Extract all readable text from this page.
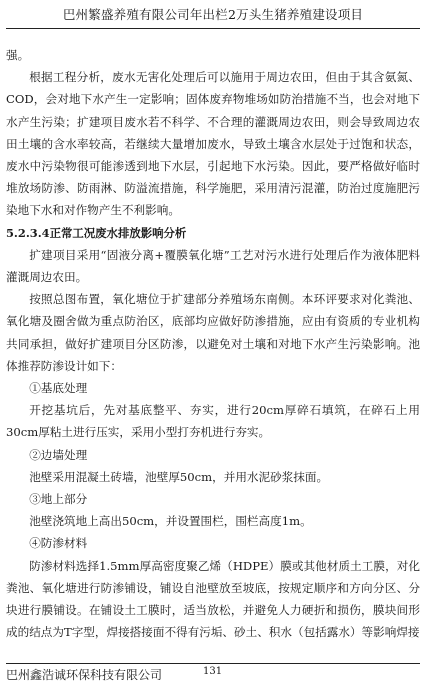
巴州繁盛养殖有限公司年出栏2万头生猪养殖建设项目

强。

根据工程分析，废水无害化处理后可以施用于周边农田，但由于其含氨氮、COD，会对地下水产生一定影响；固体废弃物堆场如防治措施不当，也会对地下水产生污染；扩建项目废水若不科学、不合理的灌溉周边农田，则会导致周边农田土壤的含水率较高，若继续大量增加废水，导致土壤含水层处于过饱和状态，废水中污染物很可能渗透到地下水层，引起地下水污染。因此，要严格做好临时堆放场防渗、防雨淋、防溢流措施，科学施肥，采用清污混灌，防治过度施肥污染地下水和对作物产生不利影响。

5.2.3.4正常工况废水排放影响分析

扩建项目采用“固液分离+覆膜氧化塘”工艺对污水进行处理后作为液体肥料灌溉周边农田。

按照总图布置，氧化塘位于扩建部分养殖场东南侧。本环评要求对化粪池、氧化塘及圈舍做为重点防治区，底部均应做好防渗措施，应由有资质的专业机构共同承担，做好扩建项目分区防渗，以避免对土壤和对地下水产生污染影响。池体推荐防渗设计如下：

①基底处理

开挖基坑后，先对基底整平、夯实，进行20cm厚碎石填筑，在碎石上用30cm厚粘土进行压实，采用小型打夯机进行夯实。

②边墙处理

池壁采用混凝土砖墙，池壁厚50cm，并用水泥砂浆抹面。

③地上部分

池壁浇筑地上高出50cm，并设置围栏，围栏高度1m。

④防渗材料

防渗材料选择1.5mm厚高密度聚乙烯（HDPE）膜或其他材质土工膜，对化粪池、氧化塘进行防渗铺设，铺设自池壁放至坡底，按规定顺序和方向分区、分块进行膜铺设。在铺设土工膜时，适当放松，并避免人力硬折和损伤，膜块间形成的结点为T字型，焊接搭接面不得有污垢、砂土、积水（包括露水）等影响焊接

巴州鑫浩诚环保科技有限公司	131
